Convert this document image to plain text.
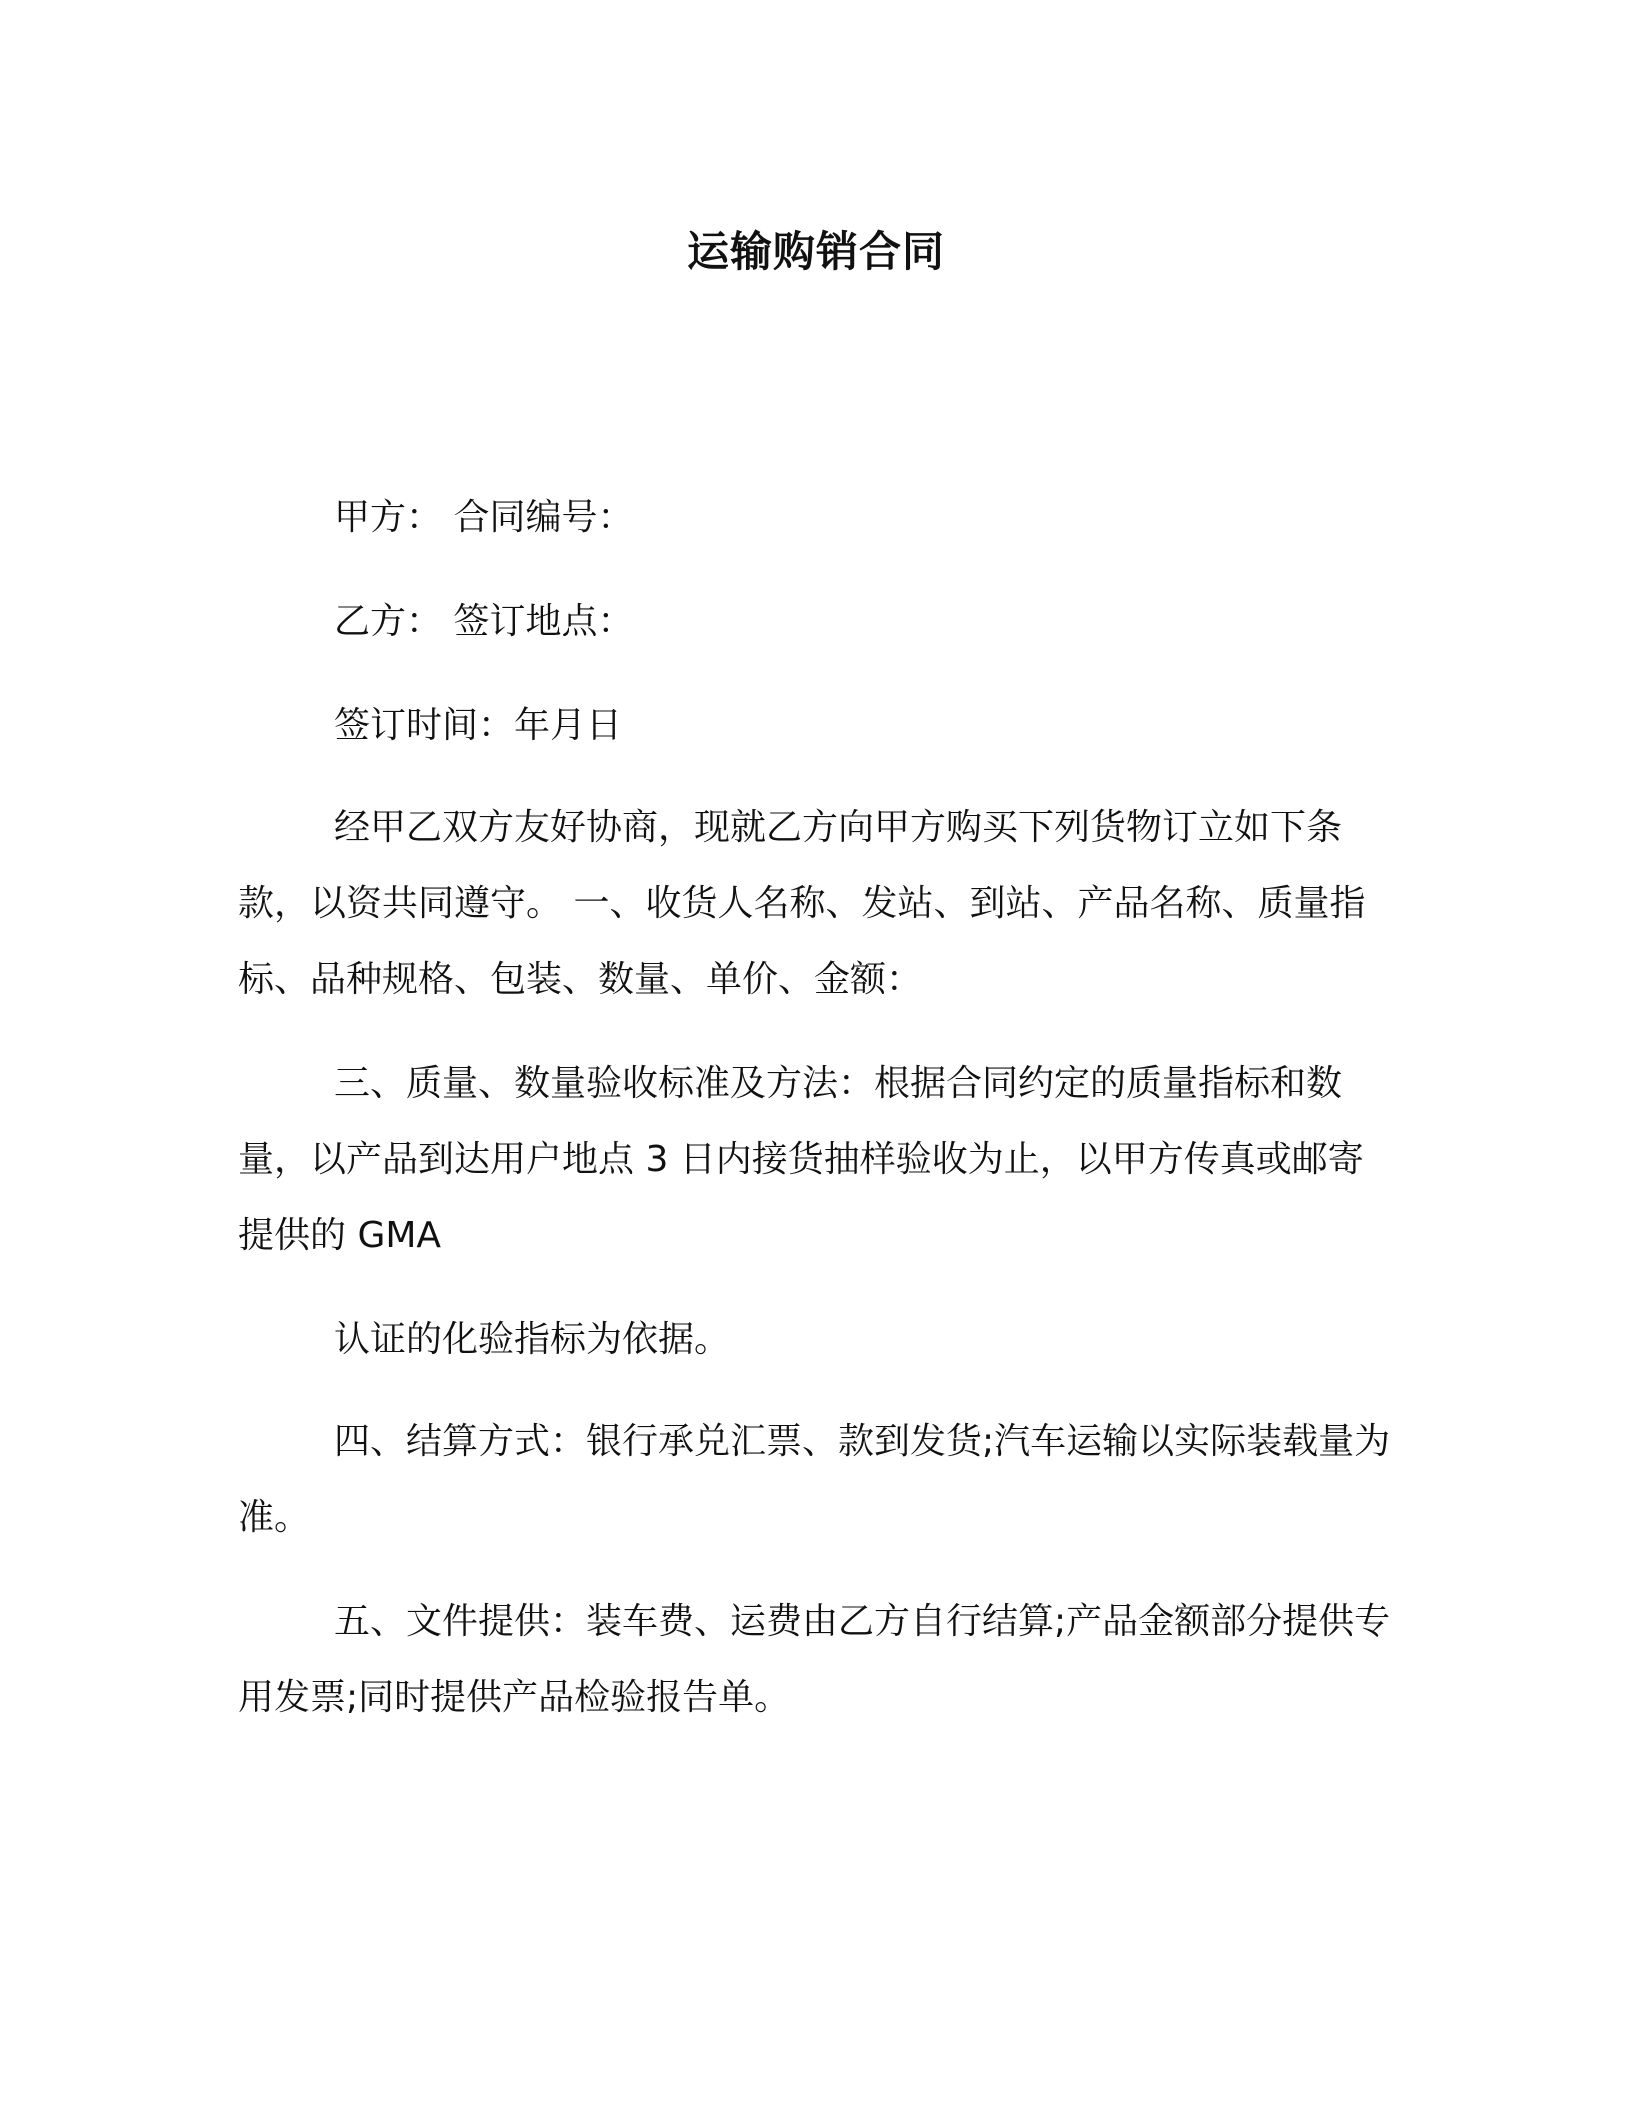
运输购销合同
甲方： 合同编号：
乙方： 签订地点：
签订时间：年月日

经甲乙双方友好协商，现就乙方向甲方购买下列货物订立如下条款，以资共同遵守。 一、收货人名称、发站、到站、产品名称、质量指标、品种规格、包装、数量、单价、金额：

三、质量、数量验收标准及方法：根据合同约定的质量指标和数量，以产品到达用户地点 3 日内接货抽样验收为止，以甲方传真或邮寄提供的 GMA

认证的化验指标为依据。

四、结算方式：银行承兑汇票、款到发货;汽车运输以实际装载量为准。

五、文件提供：装车费、运费由乙方自行结算;产品金额部分提供专用发票;同时提供产品检验报告单。
